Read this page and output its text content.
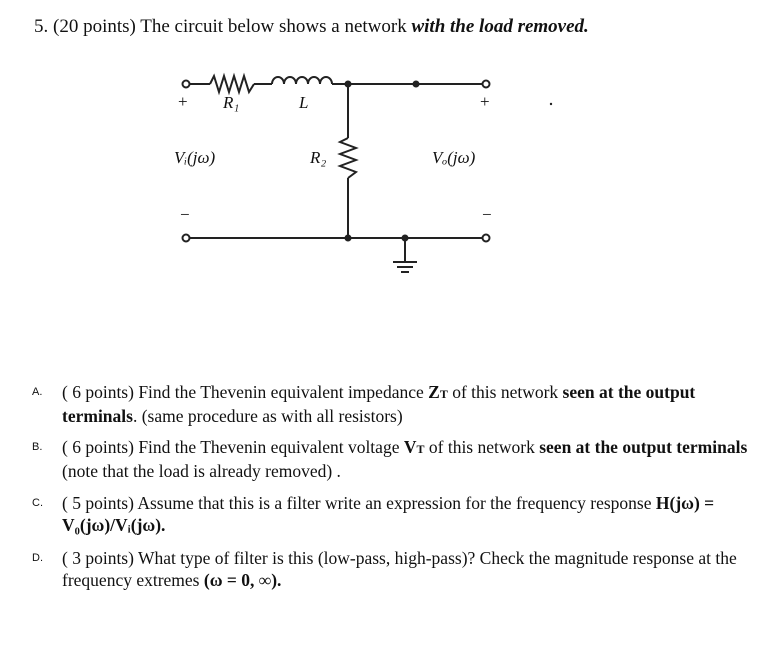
5. (20 points) The circuit below shows a network with the load removed.
+ R₁	L	+
Vᵢ(jω)	R₂	Vₒ(jω)
−	−
A. ( 6 points) Find the Thevenin equivalent impedance ZT of this network seen at the output terminals. (same procedure as with all resistors)
B. ( 6 points) Find the Thevenin equivalent voltage VT of this network seen at the output terminals (note that the load is already removed) .
C. ( 5 points) Assume that this is a filter write an expression for the frequency response H(jω) = V₀(jω)/Vᵢ(jω).
D. ( 3 points) What type of filter is this (low-pass, high-pass)? Check the magnitude response at the frequency extremes (ω = 0, ∞).
